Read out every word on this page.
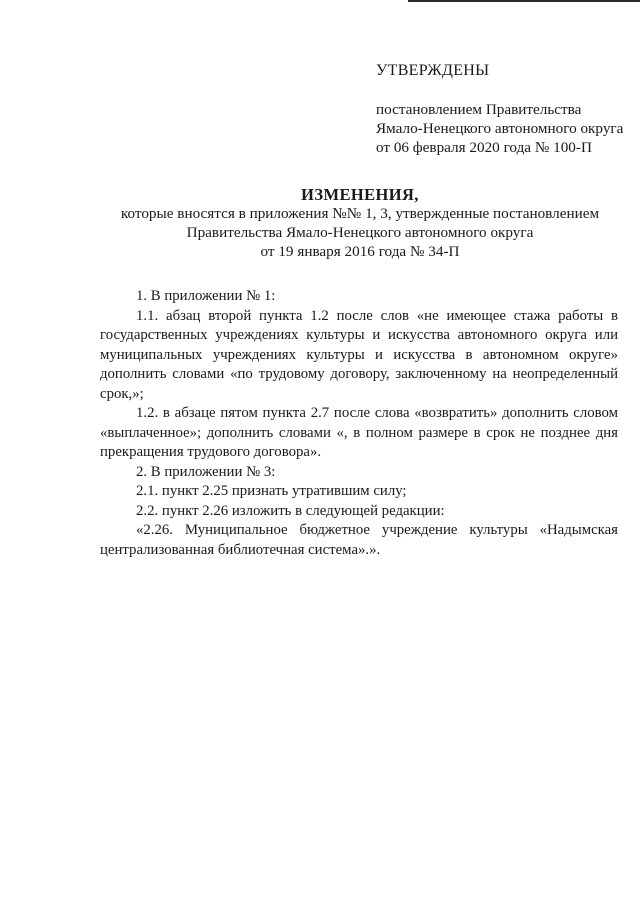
УТВЕРЖДЕНЫ

постановлением Правительства
Ямало-Ненецкого автономного округа
от 06 февраля 2020 года № 100-П

ИЗМЕНЕНИЯ,

которые вносятся в приложения №№ 1, 3, утвержденные постановлением
Правительства Ямало-Ненецкого автономного округа
от 19 января 2016 года № 34-П

1. В приложении № 1:

1.1. абзац второй пункта 1.2 после слов «не имеющее стажа работы в государственных учреждениях культуры и искусства автономного округа или муниципальных учреждениях культуры и искусства в автономном округе» дополнить словами «по трудовому договору, заключенному на неопределенный срок,»;

1.2. в абзаце пятом пункта 2.7 после слова «возвратить» дополнить словом «выплаченное»; дополнить словами «, в полном размере в срок не позднее дня прекращения трудового договора».

2. В приложении № 3:

2.1. пункт 2.25 признать утратившим силу;

2.2. пункт 2.26 изложить в следующей редакции:

«2.26. Муниципальное бюджетное учреждение культуры «Надымская централизованная библиотечная система».».
